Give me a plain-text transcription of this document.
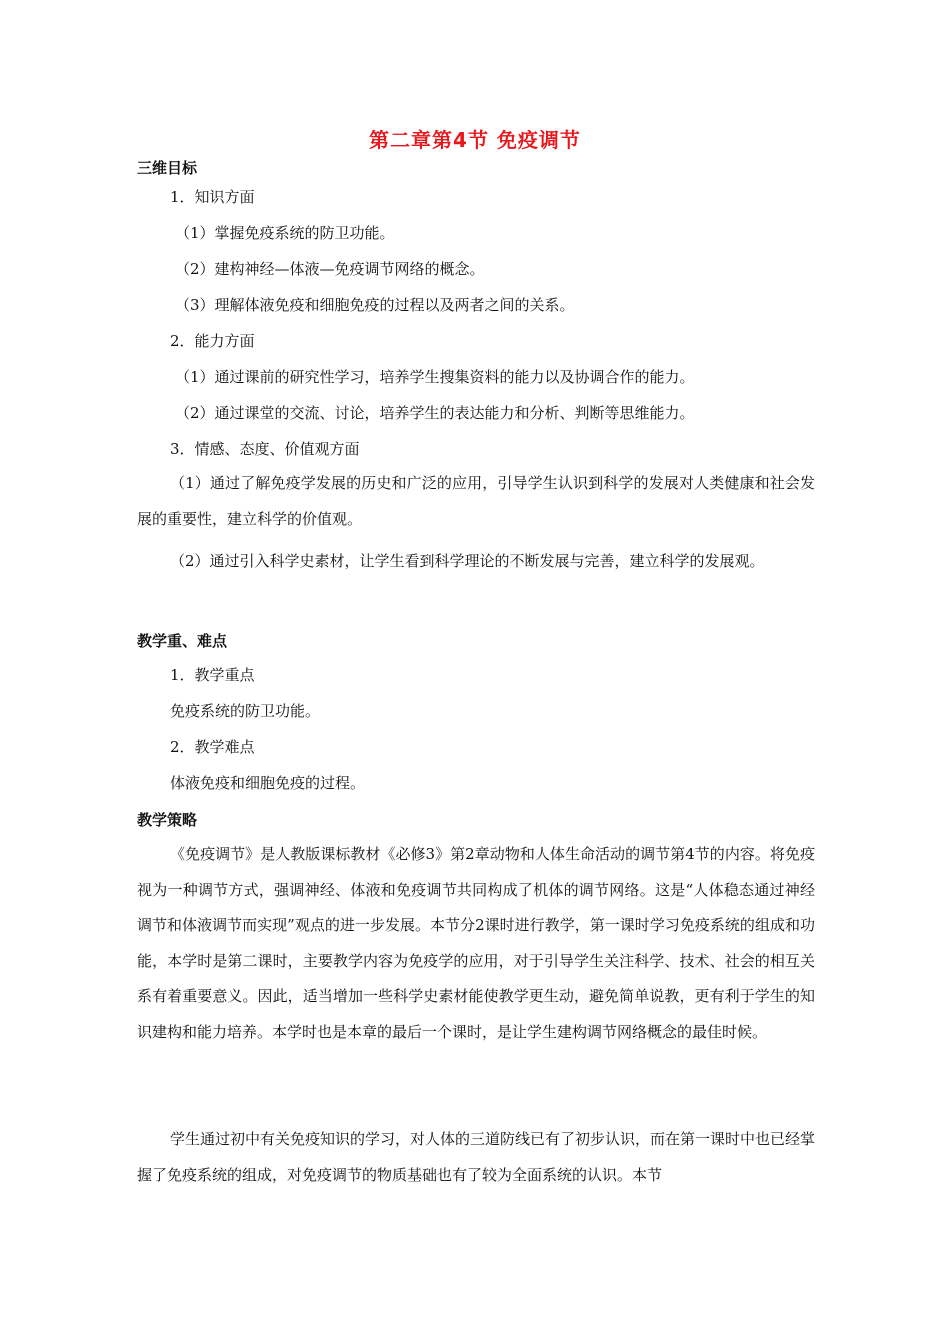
第二章第4节 免疫调节
三维目标
1．知识方面
（1）掌握免疫系统的防卫功能。
（2）建构神经—体液—免疫调节网络的概念。
（3）理解体液免疫和细胞免疫的过程以及两者之间的关系。
2．能力方面
（1）通过课前的研究性学习，培养学生搜集资料的能力以及协调合作的能力。
（2）通过课堂的交流、讨论，培养学生的表达能力和分析、判断等思维能力。
3．情感、态度、价值观方面
（1）通过了解免疫学发展的历史和广泛的应用，引导学生认识到科学的发展对人类健康和社会发展的重要性，建立科学的价值观。
（2）通过引入科学史素材，让学生看到科学理论的不断发展与完善，建立科学的发展观。
教学重、难点
1．教学重点
免疫系统的防卫功能。
2．教学难点
体液免疫和细胞免疫的过程。
教学策略
《免疫调节》是人教版课标教材《必修3》第2章动物和人体生命活动的调节第4节的内容。将免疫视为一种调节方式，强调神经、体液和免疫调节共同构成了机体的调节网络。这是“人体稳态通过神经调节和体液调节而实现”观点的进一步发展。本节分2课时进行教学，第一课时学习免疫系统的组成和功能，本学时是第二课时，主要教学内容为免疫学的应用，对于引导学生关注科学、技术、社会的相互关系有着重要意义。因此，适当增加一些科学史素材能使教学更生动，避免简单说教，更有利于学生的知识建构和能力培养。本学时也是本章的最后一个课时，是让学生建构调节网络概念的最佳时候。
学生通过初中有关免疫知识的学习，对人体的三道防线已有了初步认识，而在第一课时中也已经掌握了免疫系统的组成，对免疫调节的物质基础也有了较为全面系统的认识。本节
